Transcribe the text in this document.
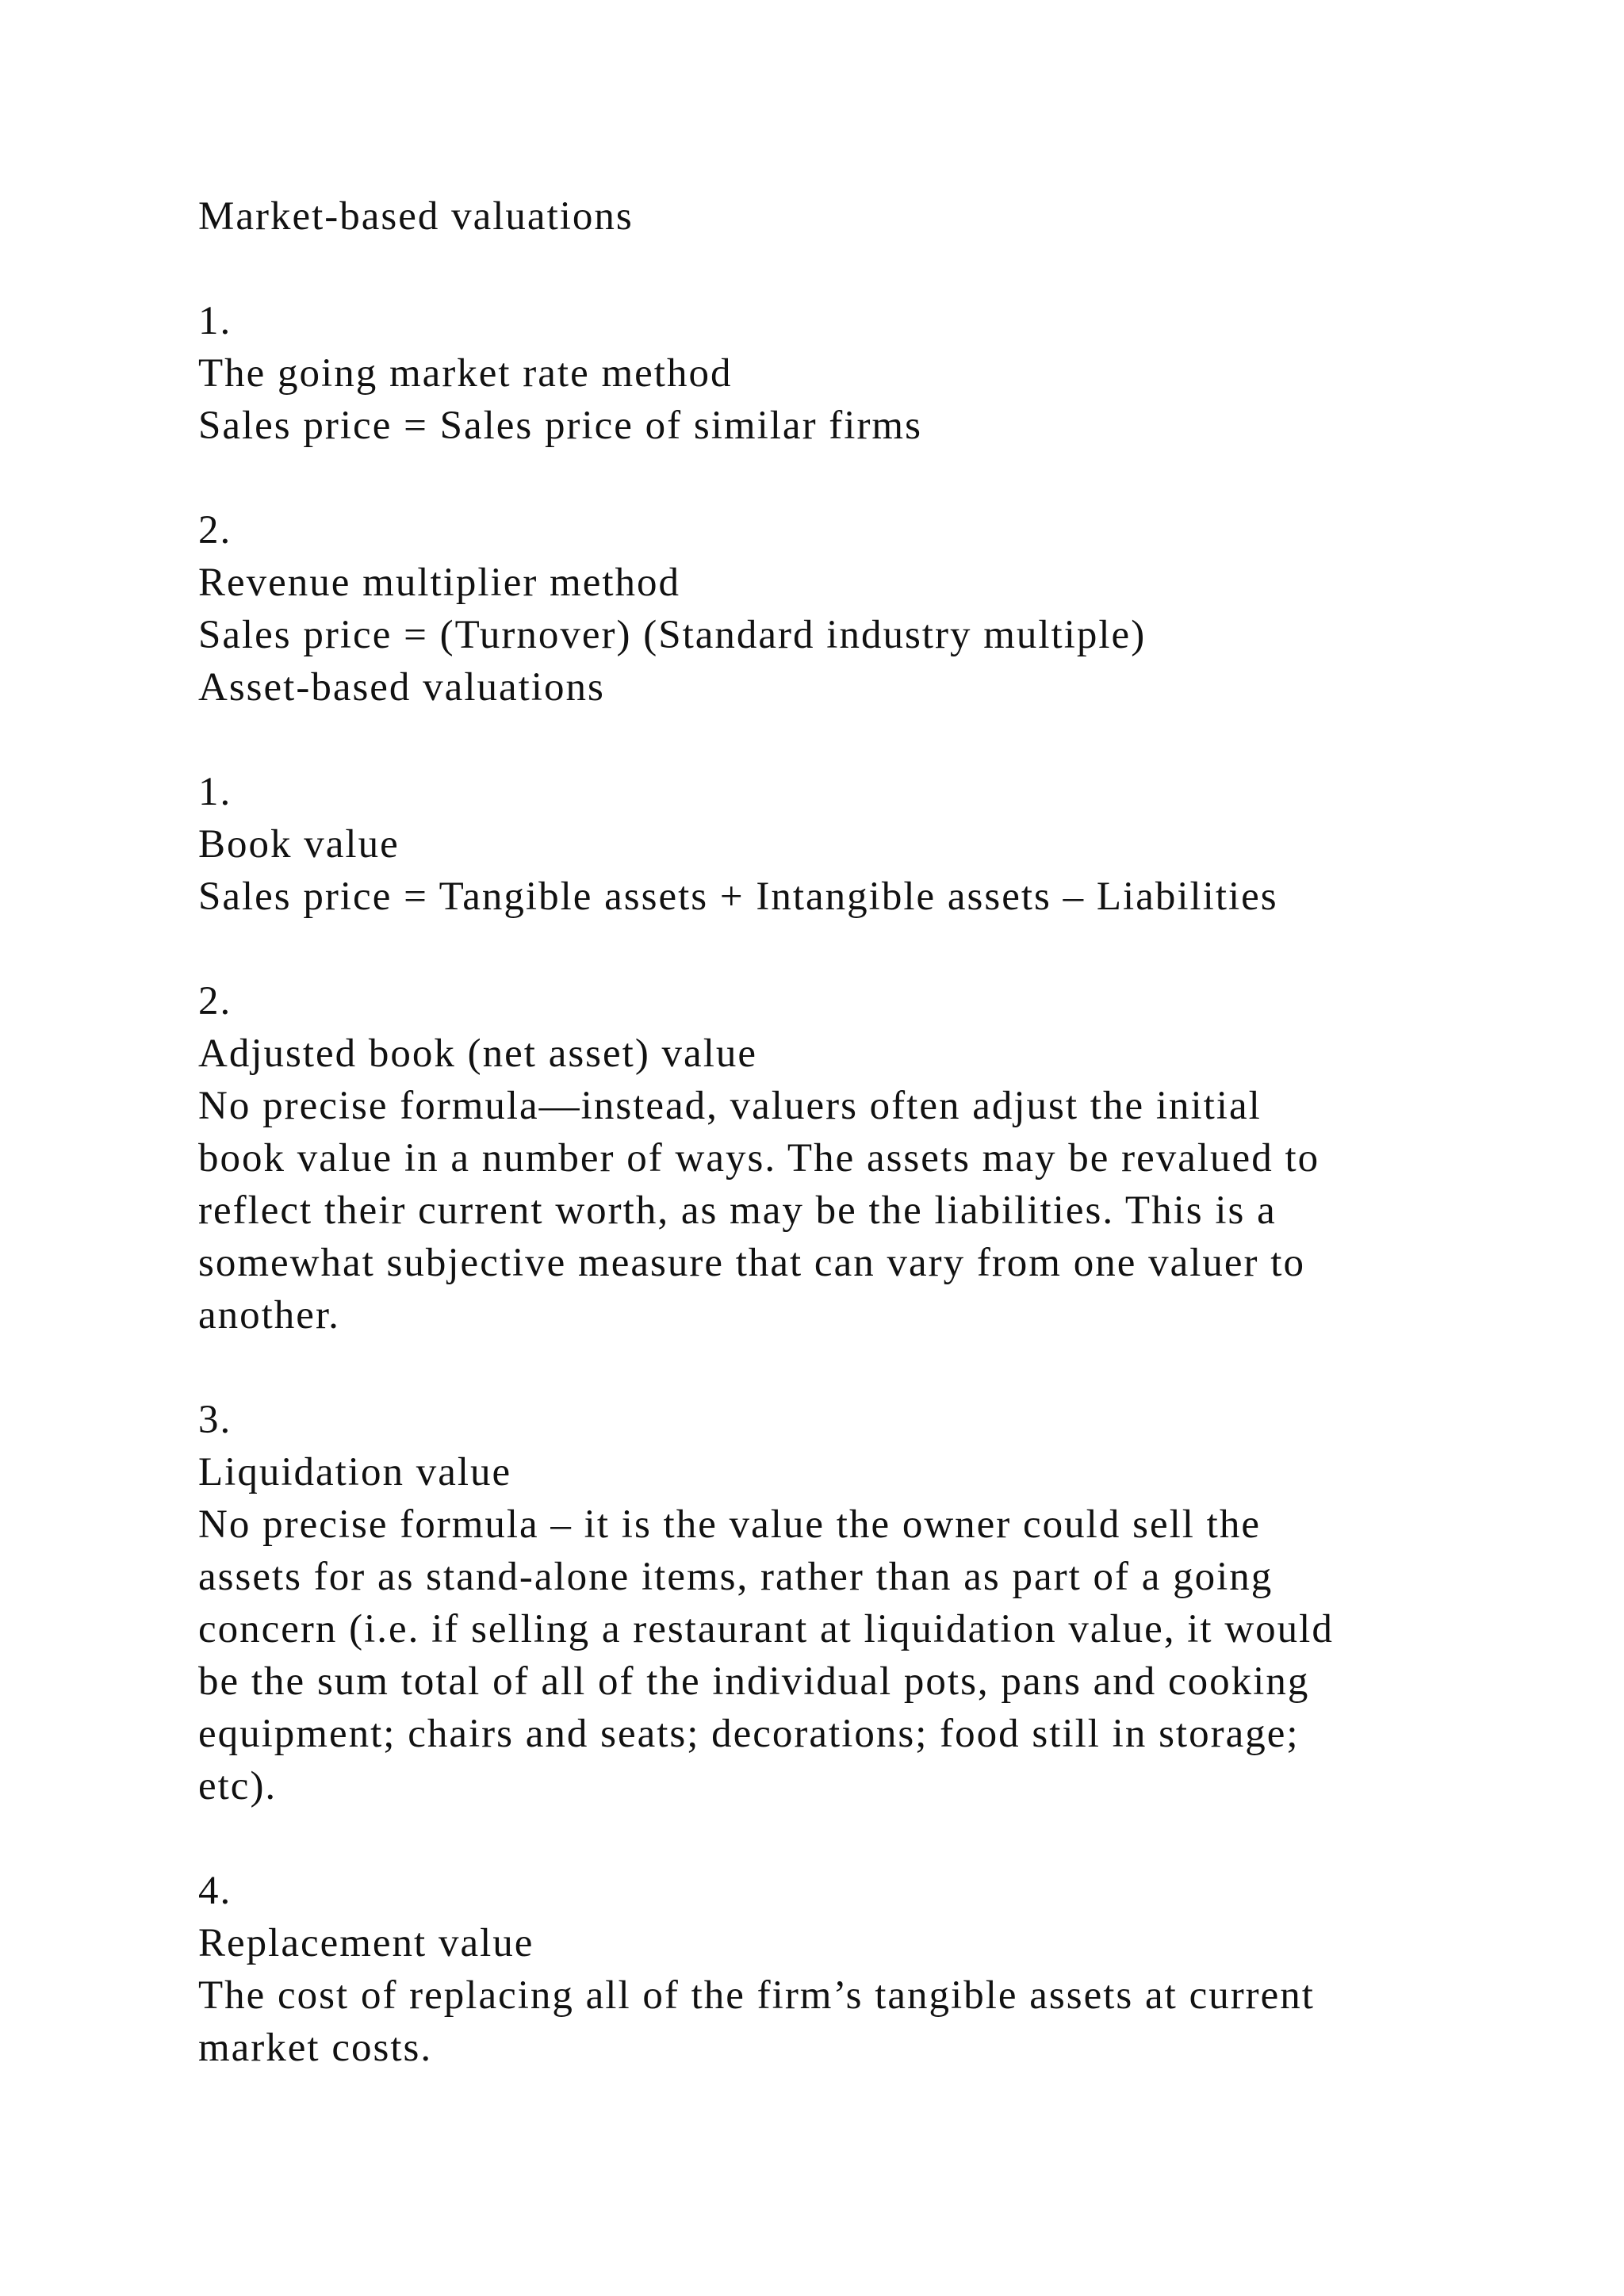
Market-based valuations
1.
The going market rate method
Sales price = Sales price of similar firms
2.
Revenue multiplier method
Sales price = (Turnover) (Standard industry multiple)
Asset-based valuations
1.
Book value
Sales price = Tangible assets + Intangible assets – Liabilities
2.
Adjusted book (net asset) value
No precise formula—instead, valuers often adjust the initial
book value in a number of ways. The assets may be revalued to
reflect their current worth, as may be the liabilities. This is a
somewhat subjective measure that can vary from one valuer to
another.
3.
Liquidation value
No precise formula – it is the value the owner could sell the
assets for as stand-alone items, rather than as part of a going
concern (i.e. if selling a restaurant at liquidation value, it would
be the sum total of all of the individual pots, pans and cooking
equipment; chairs and seats; decorations; food still in storage;
etc).
4.
Replacement value
The cost of replacing all of the firm’s tangible assets at current
market costs.
